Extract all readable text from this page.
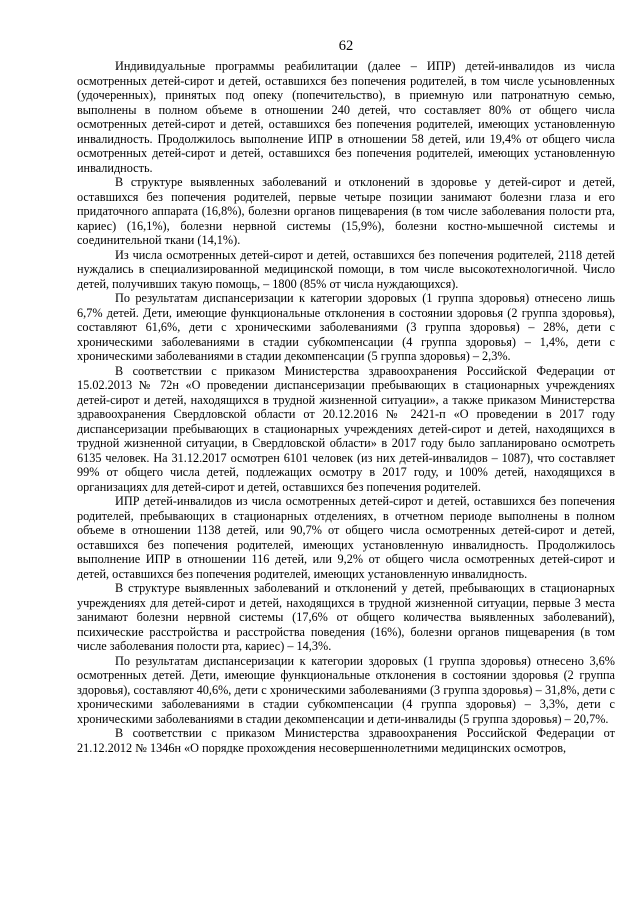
62

Индивидуальные программы реабилитации (далее – ИПР) детей-инвалидов из числа осмотренных детей-сирот и детей, оставшихся без попечения родителей, в том числе усыновленных (удочеренных), принятых под опеку (попечительство), в приемную или патронатную семью, выполнены в полном объеме в отношении 240 детей, что составляет 80% от общего числа осмотренных детей-сирот и детей, оставшихся без попечения родителей, имеющих установленную инвалидность. Продолжилось выполнение ИПР в отношении 58 детей, или 19,4% от общего числа осмотренных детей-сирот и детей, оставшихся без попечения родителей, имеющих установленную инвалидность.

В структуре выявленных заболеваний и отклонений в здоровье у детей-сирот и детей, оставшихся без попечения родителей, первые четыре позиции занимают болезни глаза и его придаточного аппарата (16,8%), болезни органов пищеварения (в том числе заболевания полости рта, кариес) (16,1%), болезни нервной системы (15,9%), болезни костно-мышечной системы и соединительной ткани (14,1%).

Из числа осмотренных детей-сирот и детей, оставшихся без попечения родителей, 2118 детей нуждались в специализированной медицинской помощи, в том числе высокотехнологичной. Число детей, получивших такую помощь, – 1800 (85% от числа нуждающихся).

По результатам диспансеризации к категории здоровых (1 группа здоровья) отнесено лишь 6,7% детей. Дети, имеющие функциональные отклонения в состоянии здоровья (2 группа здоровья), составляют 61,6%, дети с хроническими заболеваниями (3 группа здоровья) – 28%, дети с хроническими заболеваниями в стадии субкомпенсации (4 группа здоровья) – 1,4%, дети с хроническими заболеваниями в стадии декомпенсации (5 группа здоровья) – 2,3%.

В соответствии с приказом Министерства здравоохранения Российской Федерации от 15.02.2013 № 72н «О проведении диспансеризации пребывающих в стационарных учреждениях детей-сирот и детей, находящихся в трудной жизненной ситуации», а также приказом Министерства здравоохранения Свердловской области от 20.12.2016 № 2421-п «О проведении в 2017 году диспансеризации пребывающих в стационарных учреждениях детей-сирот и детей, находящихся в трудной жизненной ситуации, в Свердловской области» в 2017 году было запланировано осмотреть 6135 человек. На 31.12.2017 осмотрен 6101 человек (из них детей-инвалидов – 1087), что составляет 99% от общего числа детей, подлежащих осмотру в 2017 году, и 100% детей, находящихся в организациях для детей-сирот и детей, оставшихся без попечения родителей.

ИПР детей-инвалидов из числа осмотренных детей-сирот и детей, оставшихся без попечения родителей, пребывающих в стационарных отделениях, в отчетном периоде выполнены в полном объеме в отношении 1138 детей, или 90,7% от общего числа осмотренных детей-сирот и детей, оставшихся без попечения родителей, имеющих установленную инвалидность. Продолжилось выполнение ИПР в отношении 116 детей, или 9,2% от общего числа осмотренных детей-сирот и детей, оставшихся без попечения родителей, имеющих установленную инвалидность.

В структуре выявленных заболеваний и отклонений у детей, пребывающих в стационарных учреждениях для детей-сирот и детей, находящихся в трудной жизненной ситуации, первые 3 места занимают болезни нервной системы (17,6% от общего количества выявленных заболеваний), психические расстройства и расстройства поведения (16%), болезни органов пищеварения (в том числе заболевания полости рта, кариес) – 14,3%.

По результатам диспансеризации к категории здоровых (1 группа здоровья) отнесено 3,6% осмотренных детей. Дети, имеющие функциональные отклонения в состоянии здоровья (2 группа здоровья), составляют 40,6%, дети с хроническими заболеваниями (3 группа здоровья) – 31,8%, дети с хроническими заболеваниями в стадии субкомпенсации (4 группа здоровья) – 3,3%, дети с хроническими заболеваниями в стадии декомпенсации и дети-инвалиды (5 группа здоровья) – 20,7%.

В соответствии с приказом Министерства здравоохранения Российской Федерации от 21.12.2012 № 1346н «О порядке прохождения несовершеннолетними медицинских осмотров,
